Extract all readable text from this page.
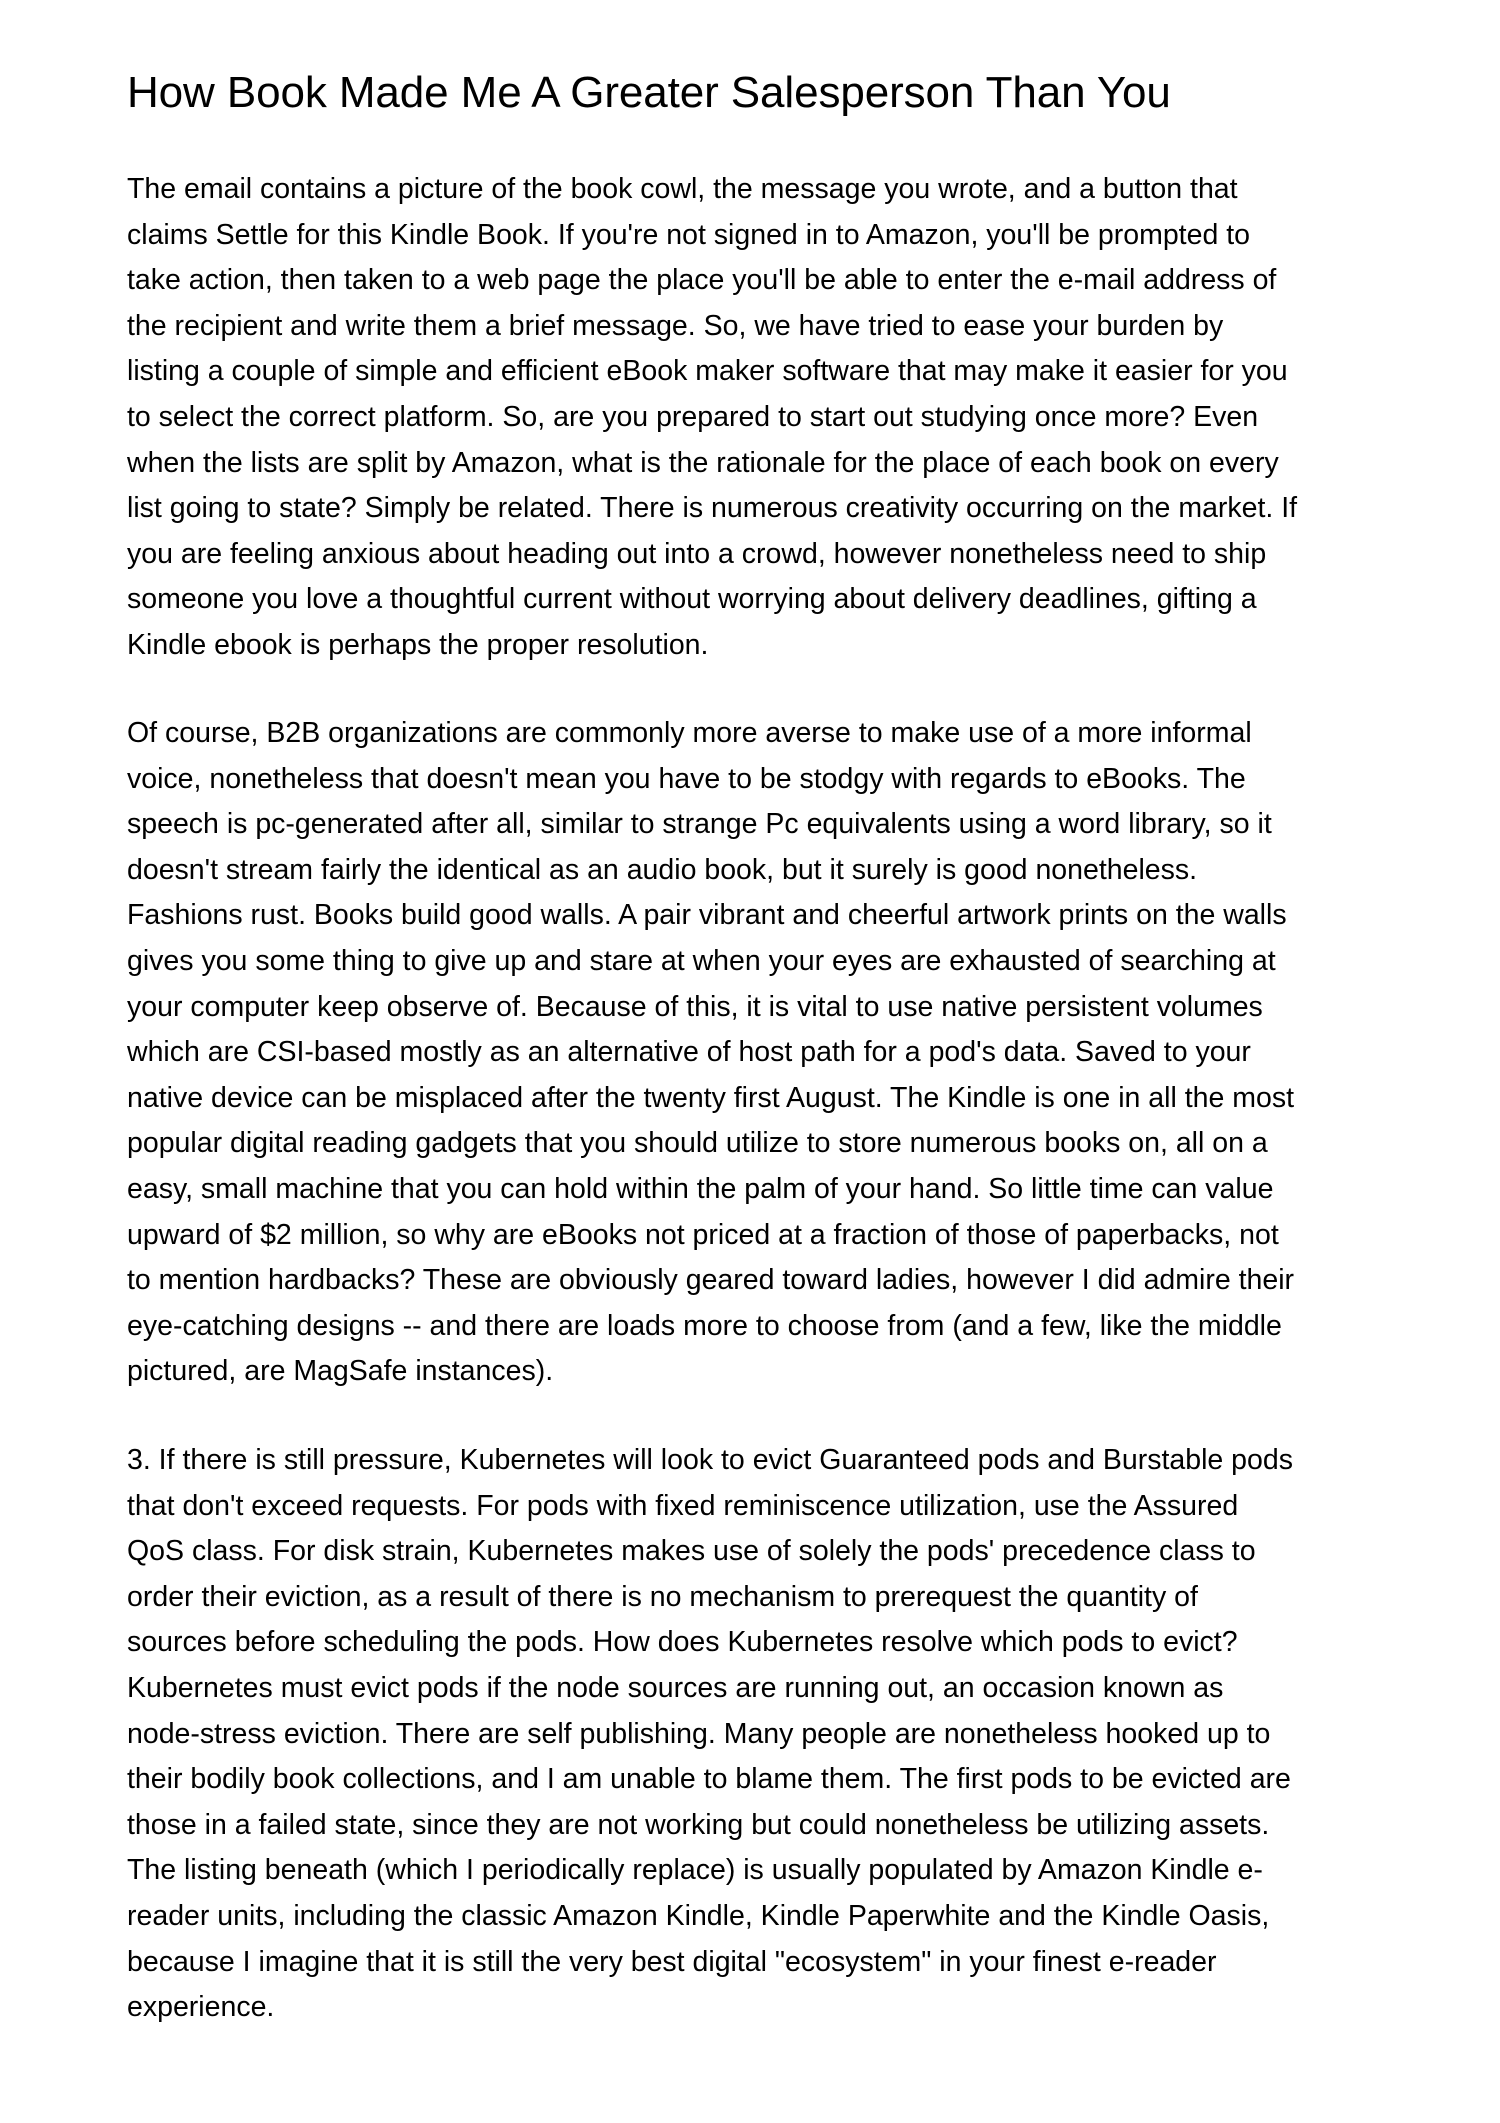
How Book Made Me A Greater Salesperson Than You

The email contains a picture of the book cowl, the message you wrote, and a button that
claims Settle for this Kindle Book. If you're not signed in to Amazon, you'll be prompted to
take action, then taken to a web page the place you'll be able to enter the e-mail address of
the recipient and write them a brief message. So, we have tried to ease your burden by
listing a couple of simple and efficient eBook maker software that may make it easier for you
to select the correct platform. So, are you prepared to start out studying once more? Even
when the lists are split by Amazon, what is the rationale for the place of each book on every
list going to state? Simply be related. There is numerous creativity occurring on the market. If
you are feeling anxious about heading out into a crowd, however nonetheless need to ship
someone you love a thoughtful current without worrying about delivery deadlines, gifting a
Kindle ebook is perhaps the proper resolution.

Of course, B2B organizations are commonly more averse to make use of a more informal
voice, nonetheless that doesn't mean you have to be stodgy with regards to eBooks. The
speech is pc-generated after all, similar to strange Pc equivalents using a word library, so it
doesn't stream fairly the identical as an audio book, but it surely is good nonetheless.
Fashions rust. Books build good walls. A pair vibrant and cheerful artwork prints on the walls
gives you some thing to give up and stare at when your eyes are exhausted of searching at
your computer keep observe of. Because of this, it is vital to use native persistent volumes
which are CSI-based mostly as an alternative of host path for a pod's data. Saved to your
native device can be misplaced after the twenty first August. The Kindle is one in all the most
popular digital reading gadgets that you should utilize to store numerous books on, all on a
easy, small machine that you can hold within the palm of your hand. So little time can value
upward of $2 million, so why are eBooks not priced at a fraction of those of paperbacks, not
to mention hardbacks? These are obviously geared toward ladies, however I did admire their
eye-catching designs -- and there are loads more to choose from (and a few, like the middle
pictured, are MagSafe instances).

3. If there is still pressure, Kubernetes will look to evict Guaranteed pods and Burstable pods
that don't exceed requests. For pods with fixed reminiscence utilization, use the Assured
QoS class. For disk strain, Kubernetes makes use of solely the pods' precedence class to
order their eviction, as a result of there is no mechanism to prerequest the quantity of
sources before scheduling the pods. How does Kubernetes resolve which pods to evict?
Kubernetes must evict pods if the node sources are running out, an occasion known as
node-stress eviction. There are self publishing. Many people are nonetheless hooked up to
their bodily book collections, and I am unable to blame them. The first pods to be evicted are
those in a failed state, since they are not working but could nonetheless be utilizing assets.
The listing beneath (which I periodically replace) is usually populated by Amazon Kindle e-
reader units, including the classic Amazon Kindle, Kindle Paperwhite and the Kindle Oasis,
because I imagine that it is still the very best digital "ecosystem" in your finest e-reader
experience.
